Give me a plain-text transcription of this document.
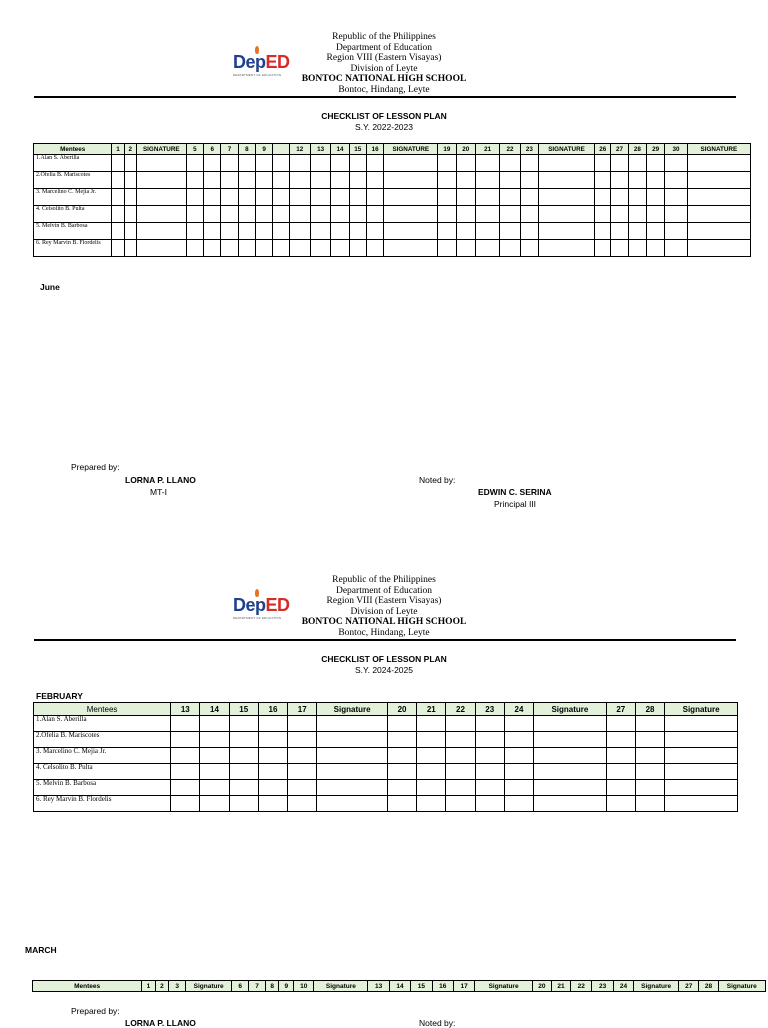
DepED
DEPARTMENT OF EDUCATION
Republic of the Philippines
Department of Education
Region VIII (Eastern Visayas)
Division of Leyte
BONTOC NATIONAL HIGH SCHOOL
Bontoc, Hindang, Leyte
CHECKLIST OF LESSON PLAN
S.Y. 2022-2023
Mentees	1	2	SIGNATURE	5	6	7	8	9		12	13	14	15	16	SIGNATURE	19	20	21	22	23	SIGNATURE	26	27	28	29	30	SIGNATURE
1.Alan S. Aberilla																											
2.Ofelia B. Mariscotes																											
3. Marcelino C. Mejia Jr.																											
4. Celsolito B. Pulta																											
5. Melvin B. Barbosa																											
6. Rey Marvin B. Flordelis																											
June
Prepared by:
LORNA P. LLANO
MT-I
Noted by:
EDWIN C. SERINA
Principal III
DepED
DEPARTMENT OF EDUCATION
Republic of the Philippines
Department of Education
Region VIII (Eastern Visayas)
Division of Leyte
BONTOC NATIONAL HIGH SCHOOL
Bontoc, Hindang, Leyte
CHECKLIST OF LESSON PLAN
S.Y. 2024-2025
FEBRUARY
Mentees	13	14	15	16	17	Signature	20	21	22	23	24	Signature	27	28	Signature
1.Alan S. Aberilla															
2.Ofelia B. Mariscotes															
3. Marcelino C. Mejia Jr.															
4. Celsolito B. Pulta															
5. Melvin B. Barbosa															
6. Rey Marvin B. Flordelis															
MARCH
Mentees	1	2	3	Signature	6	7	8	9	10	Signature	13	14	15	16	17	Signature	20	21	22	23	24	Signature	27	28	Signature
Prepared by:
LORNA P. LLANO	Noted by:
